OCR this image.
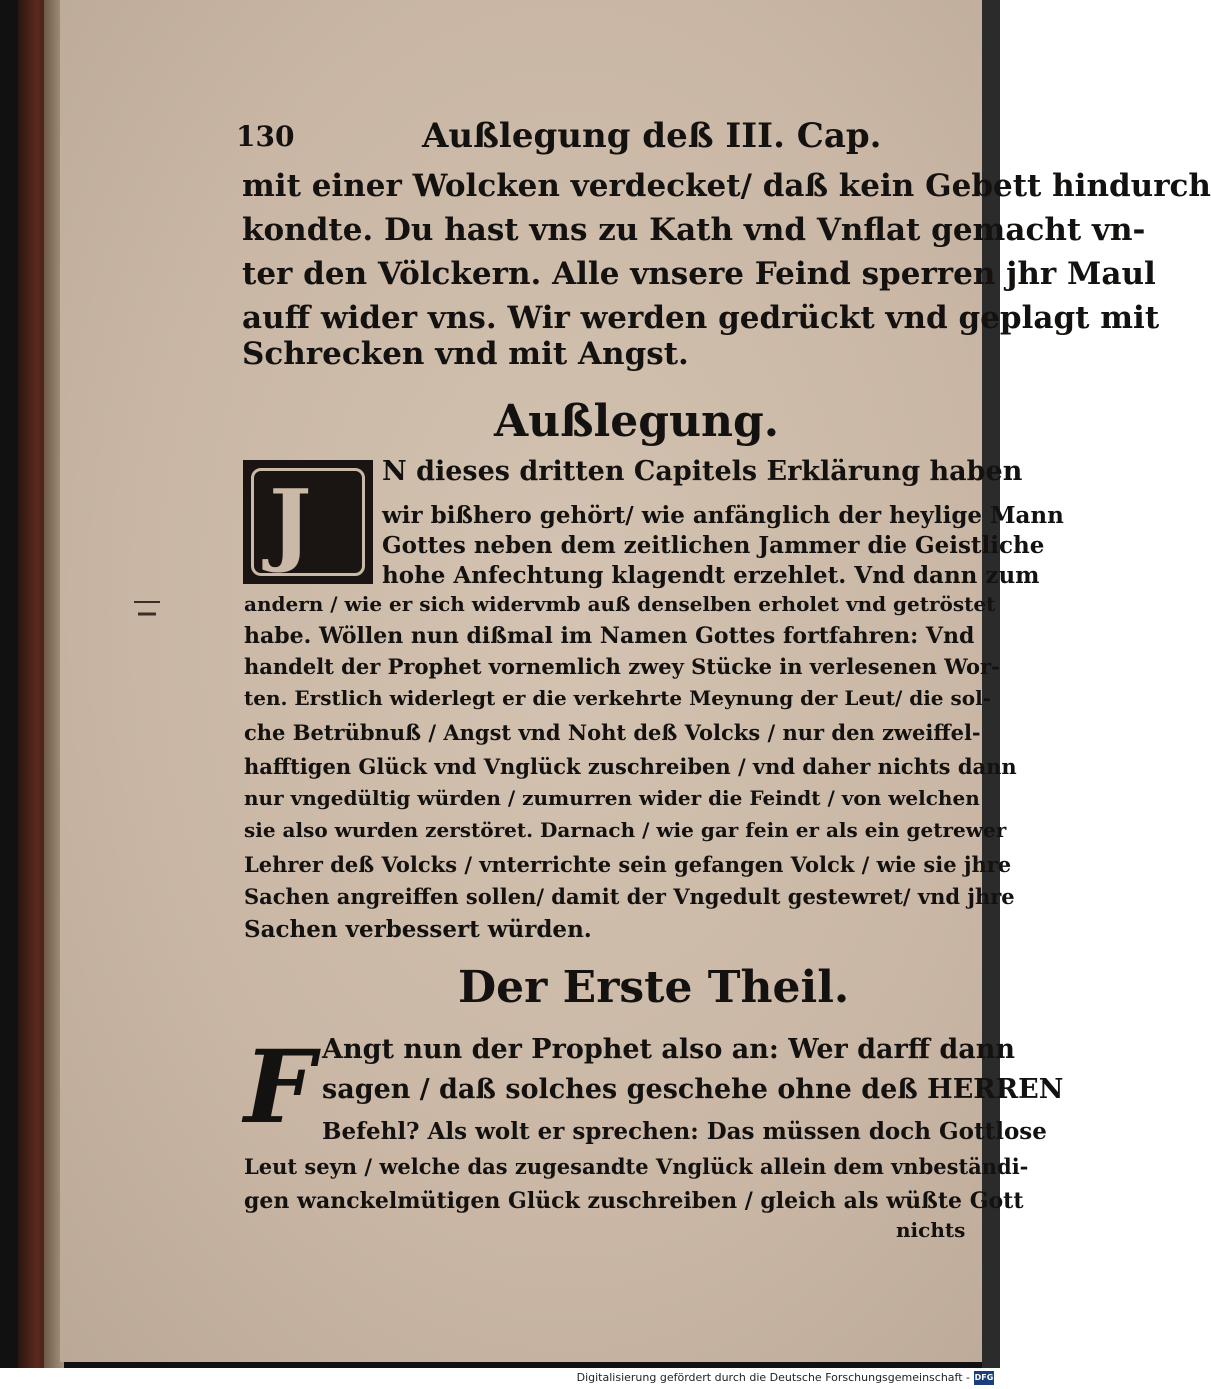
130	Außlegung deß III. Cap.
mit einer Wolcken verdecket/ daß kein Gebett hindurch
kondte. Du hast vns zu Kath vnd Vnflat gemacht vn-
ter den Völckern. Alle vnsere Feind sperren jhr Maul
auff wider vns. Wir werden gedrückt vnd geplagt mit
Schrecken vnd mit Angst.
Außlegung.
J	N dieses dritten Capitels Erklärung haben
wir bißhero gehört/ wie anfänglich der heylige Mann
Gottes neben dem zeitlichen Jammer die Geistliche
hohe Anfechtung klagendt erzehlet. Vnd dann zum
andern / wie er sich widervmb auß denselben erholet vnd getröstet
habe. Wöllen nun dißmal im Namen Gottes fortfahren: Vnd
handelt der Prophet vornemlich zwey Stücke in verlesenen Wor-
ten. Erstlich widerlegt er die verkehrte Meynung der Leut/ die sol-
che Betrübnuß / Angst vnd Noht deß Volcks / nur den zweiffel-
hafftigen Glück vnd Vnglück zuschreiben / vnd daher nichts dann
nur vngedültig würden / zumurren wider die Feindt / von welchen
sie also wurden zerstöret. Darnach / wie gar fein er als ein getrewer
Lehrer deß Volcks / vnterrichte sein gefangen Volck / wie sie jhre
Sachen angreiffen sollen/ damit der Vngedult gestewret/ vnd jhre
Sachen verbessert würden.
Der Erste Theil.
F Angt nun der Prophet also an: Wer darff dann
sagen / daß solches geschehe ohne deß HERREN
Befehl? Als wolt er sprechen: Das müssen doch Gottlose
Leut seyn / welche das zugesandte Vnglück allein dem vnbeständi-
gen wanckelmütigen Glück zuschreiben / gleich als wüßte Gott
nichts
Digitalisierung gefördert durch die Deutsche Forschungsgemeinschaft - DFG
